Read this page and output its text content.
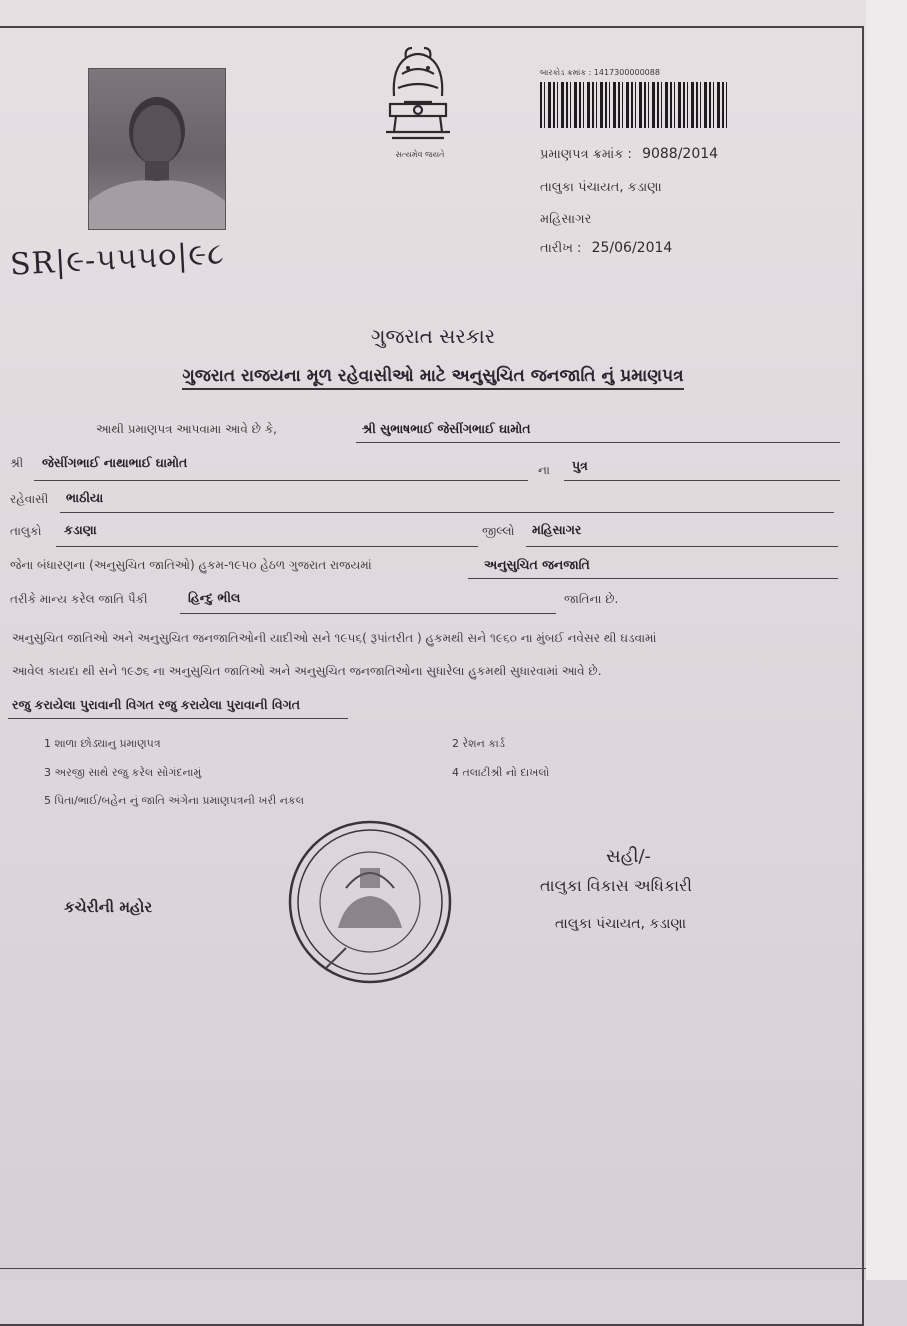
SR|૯-૫૫૫૦|૯૮
સત્યમેવ જયતે
બારકોડ ક્રમાંક : 1417300000088
પ્રમાણપત્ર ક્રમાંક : 9088/2014
તાલુકા પંચાયત, કડાણા
મહિસાગર
તારીખ : 25/06/2014
ગુજરાત સરકાર
ગુજરાત રાજયના મૂળ રહેવાસીઓ માટે અનુસુચિત જનજાતિ નું પ્રમાણપત્ર
આથી પ્રમાણપત્ર આપવામા આવે છે કે,	શ્રી સુભાષભાઈ જેસીંગભાઈ ઘામોત
શ્રી જેસીંગભાઈ નાથાભાઈ ઘામોત	ના પુત્ર
રહેવાસી ભાઠીયા
તાલુકો કડાણા	જીલ્લો મહિસાગર
જેના બંધારણના (અનુસુચિત જાતિઓ) હુકમ-૧૯૫૦ હેઠળ ગુજરાત રાજયમાં	અનુસુચિત જનજાતિ
તરીકે માન્ય કરેલ જાતિ પૈકી	હિન્દુ ભીલ	જાતિના છે.
અનુસુચિત જાતિઓ અને અનુસુચિત જનજાતિઓની યાદીઓ સને ૧૯૫૬( રૂપાંતરીત ) હુકમથી સને ૧૯૬૦ ના મુંબઈ નવેસર થી ઘડવામાં
આવેલ કાયદા થી સને ૧૯૭૬ ના અનુસુચિત જાતિઓ અને અનુસુચિત જનજાતિઓના સુધારેલા હુકમથી સુધારવામાં આવે છે.
રજુ કરાયેલા પુરાવાની વિગત રજુ કરાયેલા પુરાવાની વિગત
1 શાળા છોડ્યાનુ પ્રમાણપત્ર	2 રેશન કાર્ડ
3 અરજી સાથે રજુ કરેલ સોગંદનામું	4 તલાટીશ્રી નો દાખલો
5 પિતા/ભાઈ/બહેન નું જાતિ અંગેના પ્રમાણપત્રની ખરી નકલ
કચેરીની મહોર
સહી/-
તાલુકા વિકાસ અધિકારી
તાલુકા પંચાયત, કડાણા
